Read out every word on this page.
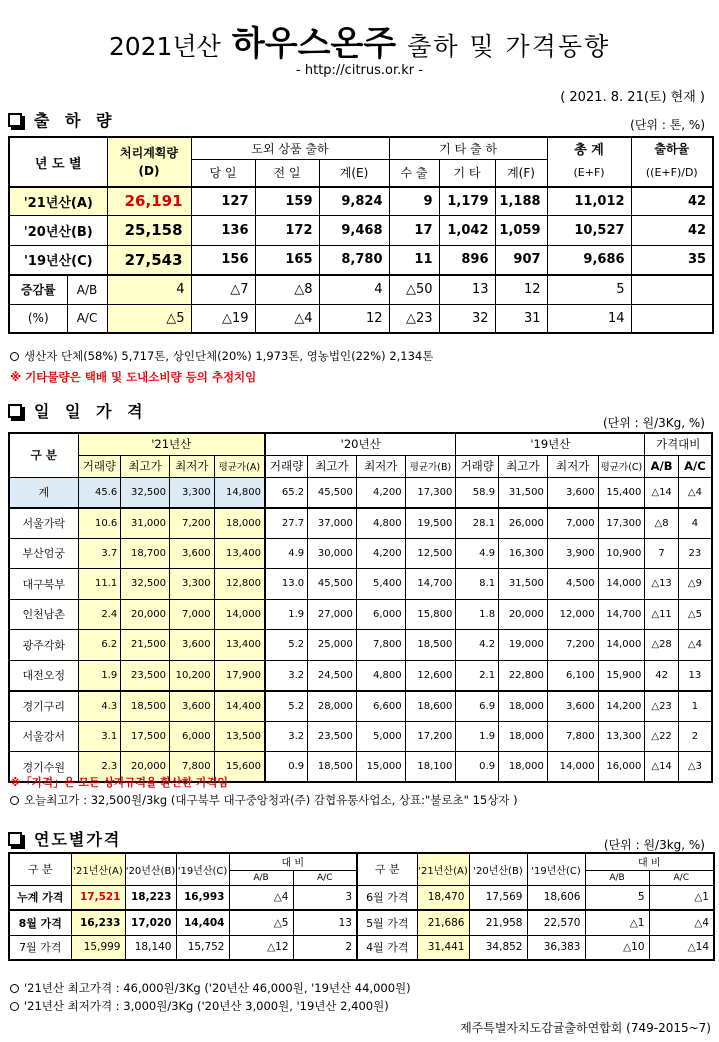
2021년산 하우스온주 출하 및 가격동향
- http://citrus.or.kr -
( 2021. 8. 21(토) 현재 )
출 하 량	(단위 : 톤, %)
년 도 별		처리계획량
(D)	도외 상품 출하			기 타 출 하			총 계	출하율
			당 일	전 일	계(E)	수 출	기 타	계(F)	(E+F)	((E+F)/D)
'21년산(A)		26,191	127	159	9,824	9	1,179	1,188	11,012	42
'20년산(B)		25,158	136	172	9,468	17	1,042	1,059	10,527	42
'19년산(C)		27,543	156	165	8,780	11	896	907	9,686	35
증감률	A/B	4	△7	△8	4	△50	13	12	5	
(%)	A/C	△5	△19	△4	12	△23	32	31	14	
생산자 단체(58%) 5,717톤, 상인단체(20%) 1,973톤, 영농법인(22%) 2,134톤
※ 기타물량은 택배 및 도내소비량 등의 추정치임
일 일 가 격
(단위 : 원/3Kg, %)
구 분	'21년산				'20년산				'19년산				가격대비	
	거래량	최고가	최저가	평균가(A)	거래량	최고가	최저가	평균가(B)	거래량	최고가	최저가	평균가(C)	A/B	A/C
계	45.6	32,500	3,300	14,800	65.2	45,500	4,200	17,300	58.9	31,500	3,600	15,400	△14	△4
서울가락	10.6	31,000	7,200	18,000	27.7	37,000	4,800	19,500	28.1	26,000	7,000	17,300	△8	4
부산엄궁	3.7	18,700	3,600	13,400	4.9	30,000	4,200	12,500	4.9	16,300	3,900	10,900	7	23
대구북부	11.1	32,500	3,300	12,800	13.0	45,500	5,400	14,700	8.1	31,500	4,500	14,000	△13	△9
인천남촌	2.4	20,000	7,000	14,000	1.9	27,000	6,000	15,800	1.8	20,000	12,000	14,700	△11	△5
광주각화	6.2	21,500	3,600	13,400	5.2	25,000	7,800	18,500	4.2	19,000	7,200	14,000	△28	△4
대전오정	1.9	23,500	10,200	17,900	3.2	24,500	4,800	12,600	2.1	22,800	6,100	15,900	42	13
경기구리	4.3	18,500	3,600	14,400	5.2	28,000	6,600	18,600	6.9	18,000	3,600	14,200	△23	1
서울강서	3.1	17,500	6,000	13,500	3.2	23,500	5,000	17,200	1.9	18,000	7,800	13,300	△22	2
경기수원	2.3	20,000	7,800	15,600	0.9	18,500	15,000	18,100	0.9	18,000	14,000	16,000	△14	△3
※「가격」은 모든 상자규격을 환산한 가격임
오늘최고가 : 32,500원/3kg (대구북부 대구중앙청과(주) 감협유통사업소, 상표:"불로초" 15상자 )
연도별가격	(단위 : 원/3kg, %)
구 분	'21년산(A)	'20년산(B)	'19년산(C)	대 비		구 분	'21년산(A)	'20년산(B)	'19년산(C)	대 비	
				A/B	A/C					A/B	A/C
누계 가격	17,521	18,223	16,993	△4	3	6월 가격	18,470	17,569	18,606	5	△1
8월 가격	16,233	17,020	14,404	△5	13	5월 가격	21,686	21,958	22,570	△1	△4
7월 가격	15,999	18,140	15,752	△12	2	4월 가격	31,441	34,852	36,383	△10	△14
'21년산 최고가격 : 46,000원/3Kg ('20년산 46,000원, '19년산 44,000원)
'21년산 최저가격 : 3,000원/3Kg ('20년산 3,000원, '19년산 2,400원)
제주특별자치도감귤출하연합회 (749-2015~7)
